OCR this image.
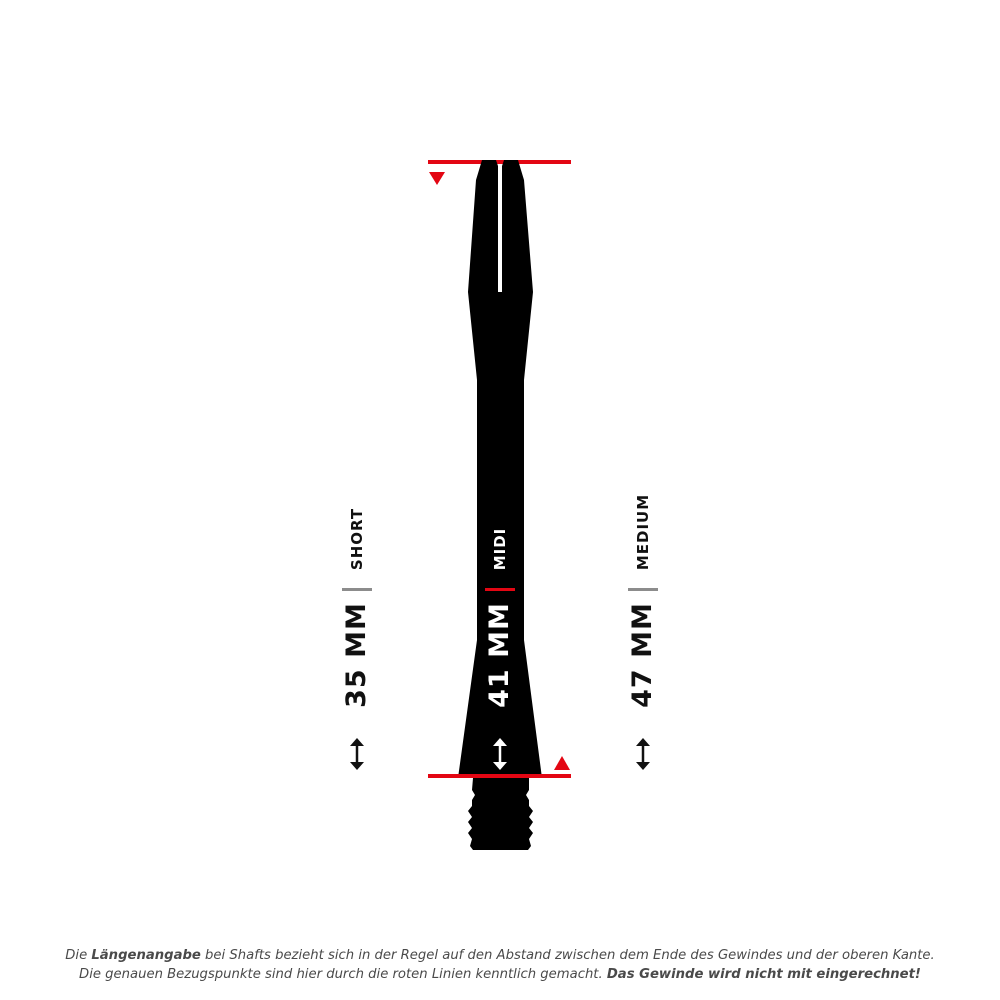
SHORT
35 MM
MIDI
41 MM
MEDIUM
47 MM
Die Längenangabe bei Shafts bezieht sich in der Regel auf den Abstand zwischen dem Ende des Gewindes und der oberen Kante.
Die genauen Bezugspunkte sind hier durch die roten Linien kenntlich gemacht. Das Gewinde wird nicht mit eingerechnet!
